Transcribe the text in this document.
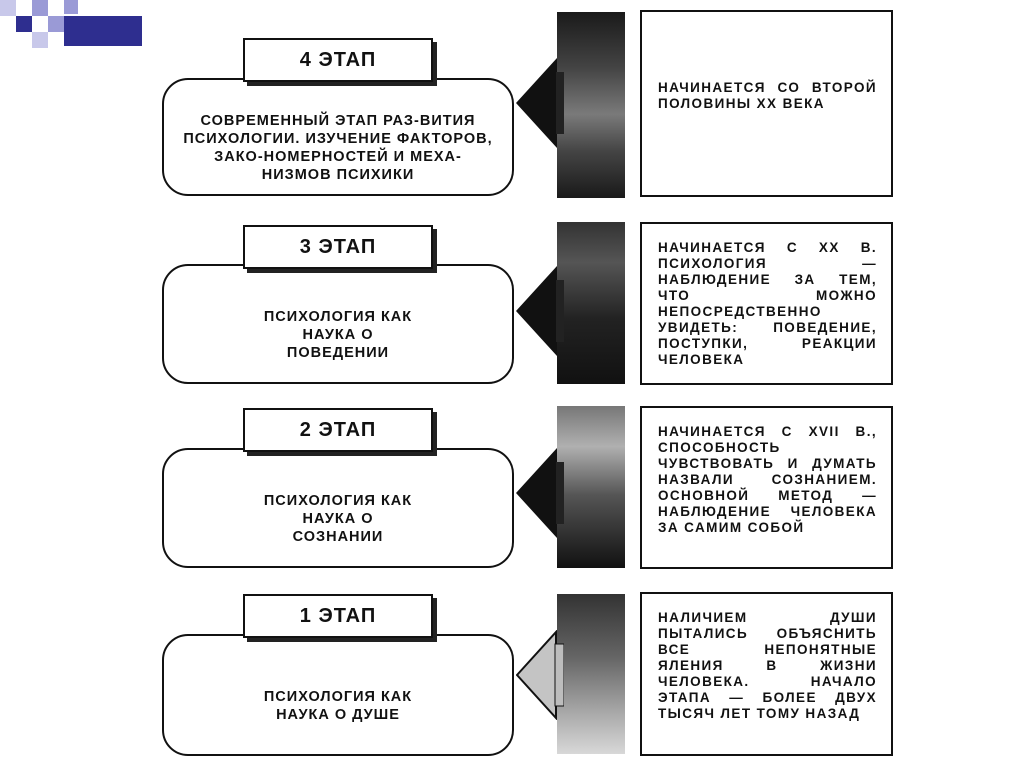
СОВРЕМЕННЫЙ ЭТАП РАЗ-ВИТИЯ ПСИХОЛОГИИ. ИЗУЧЕНИЕ ФАКТОРОВ, ЗАКО-НОМЕРНОСТЕЙ И МЕХА-НИЗМОВ ПСИХИКИ
4 ЭТАП
НАЧИНАЕТСЯ СО ВТОРОЙ ПОЛОВИНЫ XX ВЕКА
ПСИХОЛОГИЯ КАК НАУКА О ПОВЕДЕНИИ
3 ЭТАП	НАЧИНАЕТСЯ С XX В. ПСИХОЛОГИЯ — НАБЛЮДЕНИЕ ЗА ТЕМ, ЧТО МОЖНО НЕПОСРЕДСТВЕННО УВИДЕТЬ: ПОВЕДЕНИЕ, ПОСТУПКИ, РЕАКЦИИ ЧЕЛОВЕКА
ПСИХОЛОГИЯ КАК НАУКА О СОЗНАНИИ
2 ЭТАП	НАЧИНАЕТСЯ С XVII В., СПОСОБНОСТЬ ЧУВСТВОВАТЬ И ДУМАТЬ НАЗВАЛИ СОЗНАНИЕМ. ОСНОВНОЙ МЕТОД — НАБЛЮДЕНИЕ ЧЕЛОВЕКА ЗА САМИМ СОБОЙ
ПСИХОЛОГИЯ КАК НАУКА О ДУШЕ
1 ЭТАП	НАЛИЧИЕМ ДУШИ ПЫТАЛИСЬ ОБЪЯСНИТЬ ВСЕ НЕПОНЯТНЫЕ ЯЛЕНИЯ В ЖИЗНИ ЧЕЛОВЕКА. НАЧАЛО ЭТАПА — БОЛЕЕ ДВУХ ТЫСЯЧ ЛЕТ ТОМУ НАЗАД
